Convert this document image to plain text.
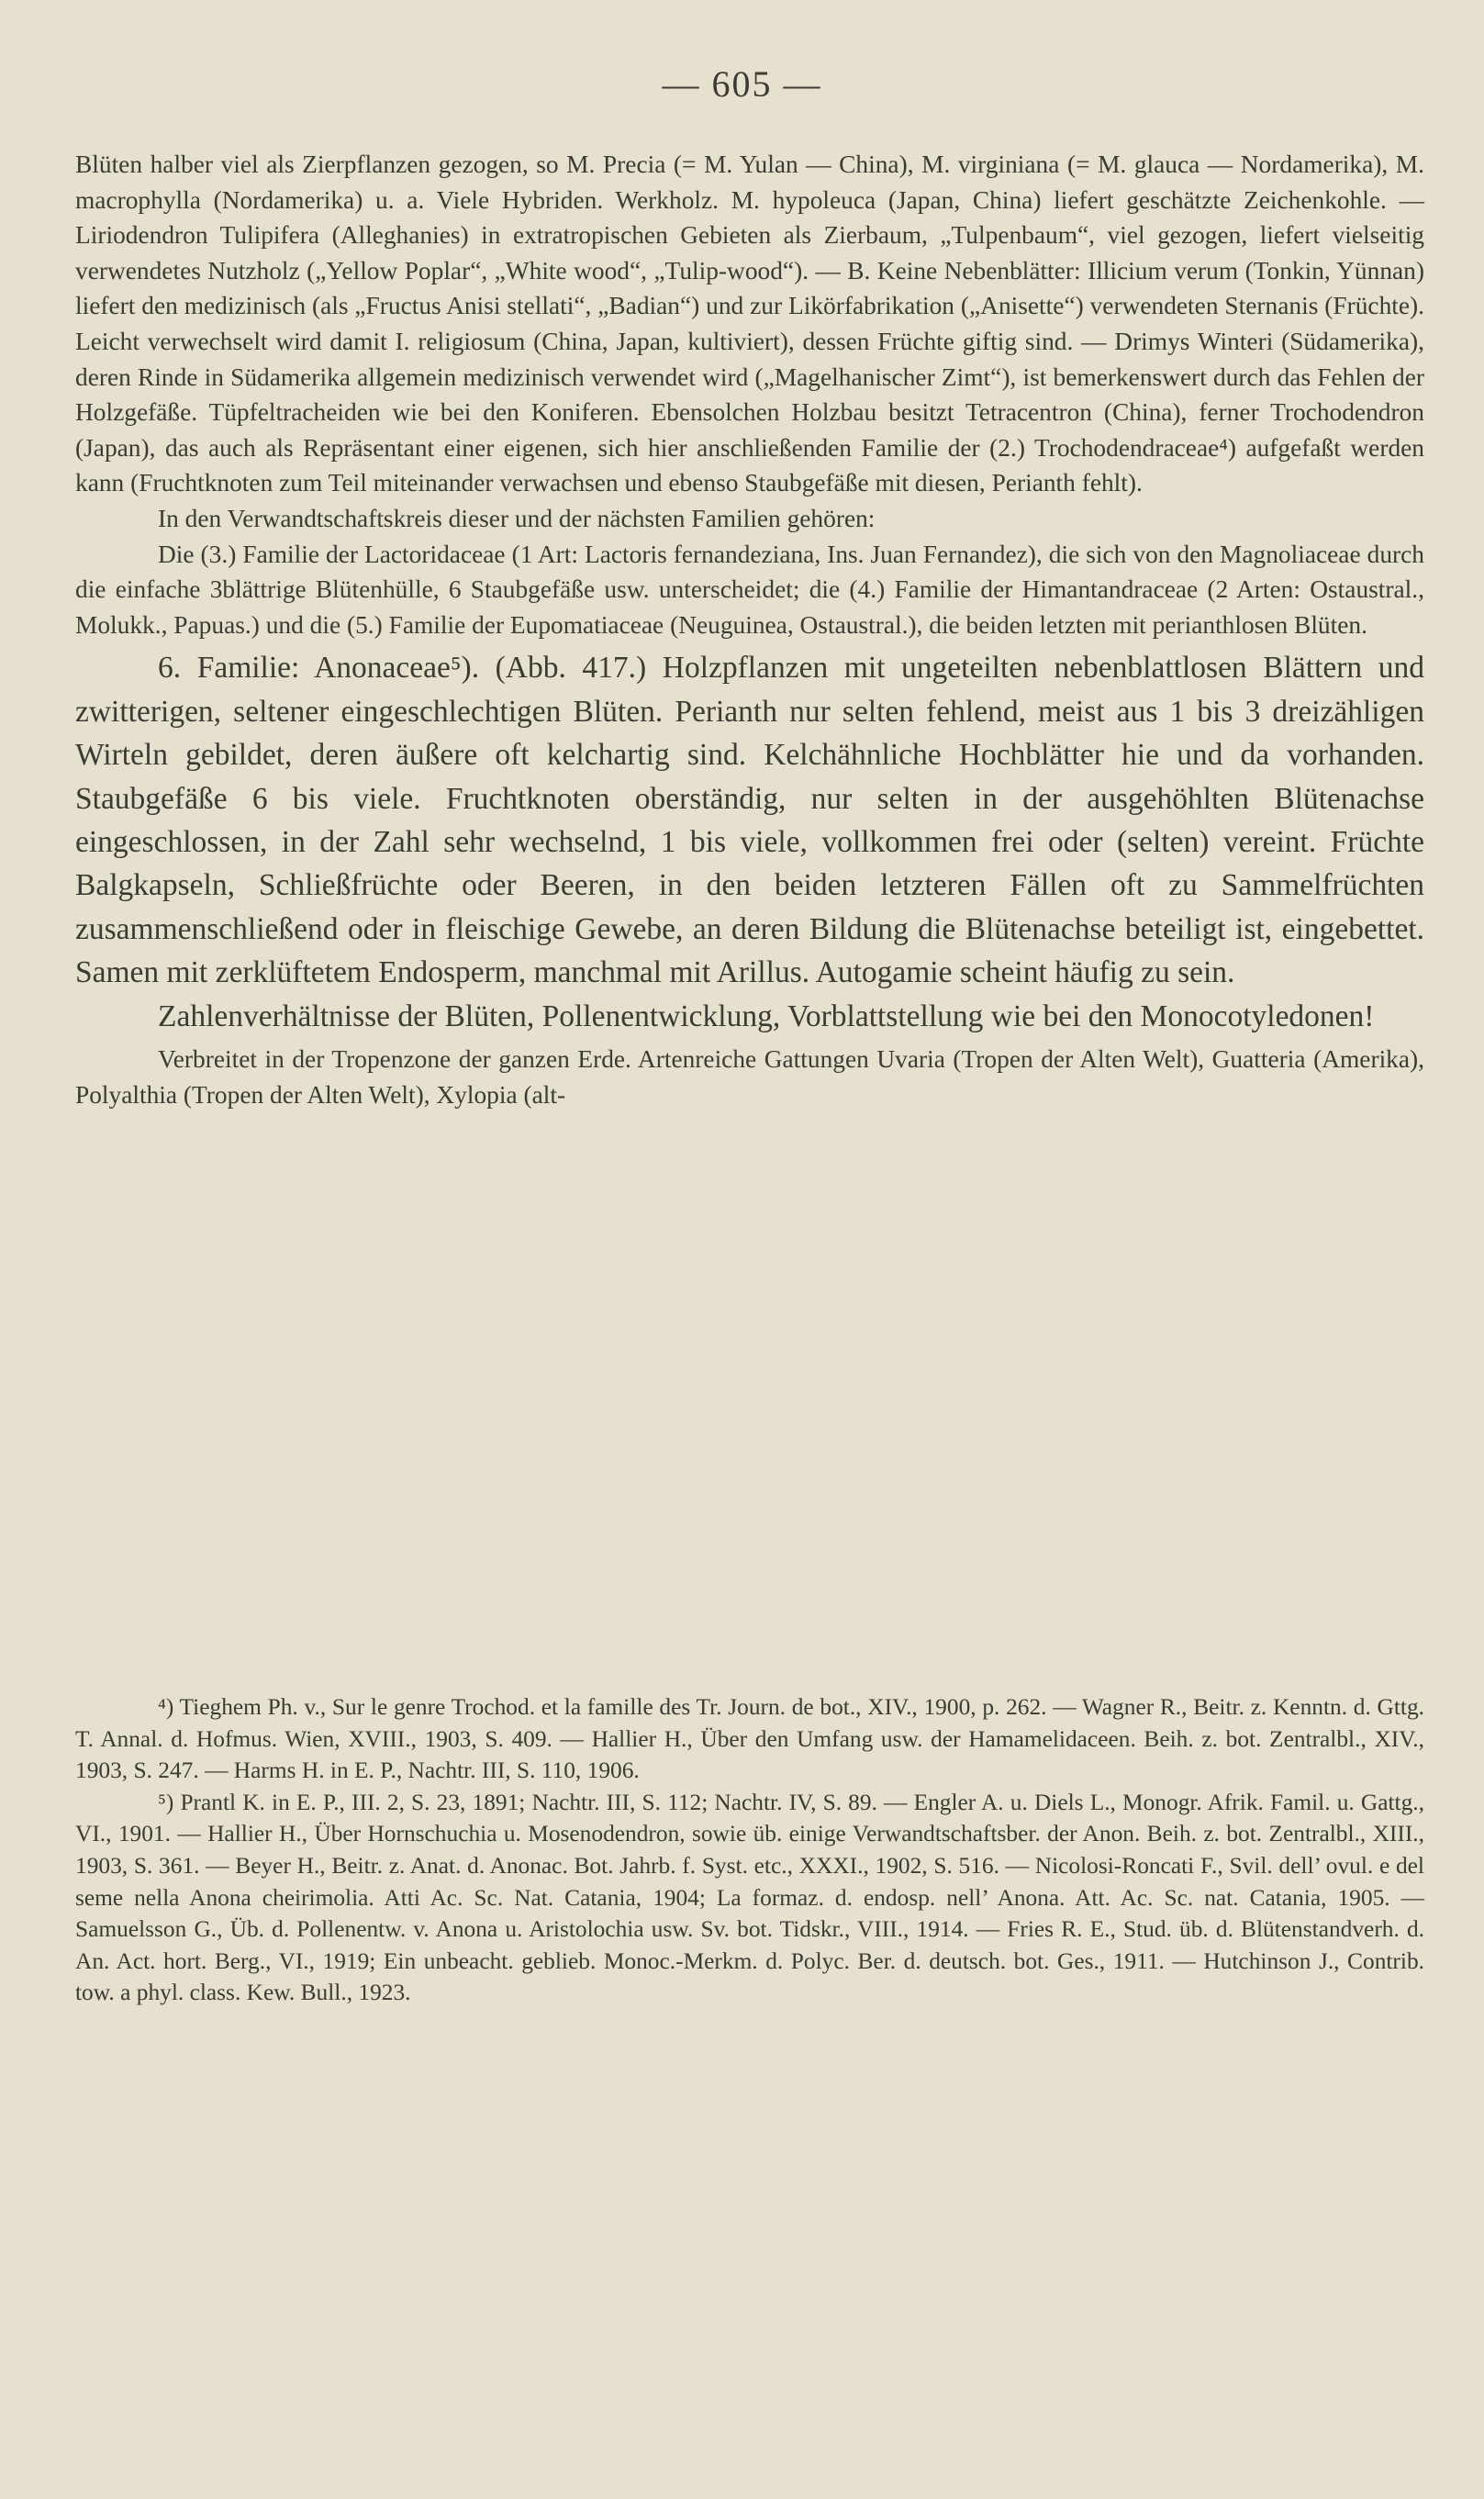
— 605 —

Blüten halber viel als Zierpflanzen gezogen, so M. Precia (= M. Yulan — China), M. virginiana (= M. glauca — Nordamerika), M. macrophylla (Nordamerika) u. a. Viele Hybriden. Werkholz. M. hypoleuca (Japan, China) liefert geschätzte Zeichenkohle. — Liriodendron Tulipifera (Alleghanies) in extratropischen Gebieten als Zierbaum, „Tulpenbaum“, viel gezogen, liefert vielseitig verwendetes Nutzholz („Yellow Poplar“, „White wood“, „Tulip-wood“). — B. Keine Nebenblätter: Illicium verum (Tonkin, Yünnan) liefert den medizinisch (als „Fructus Anisi stellati“, „Badian“) und zur Likörfabrikation („Anisette“) verwendeten Sternanis (Früchte). Leicht verwechselt wird damit I. religiosum (China, Japan, kultiviert), dessen Früchte giftig sind. — Drimys Winteri (Südamerika), deren Rinde in Südamerika allgemein medizinisch verwendet wird („Magelhanischer Zimt“), ist bemerkenswert durch das Fehlen der Holzgefäße. Tüpfeltracheiden wie bei den Koniferen. Ebensolchen Holzbau besitzt Tetracentron (China), ferner Trochodendron (Japan), das auch als Repräsentant einer eigenen, sich hier anschließenden Familie der (2.) Trochodendraceae⁴) aufgefaßt werden kann (Fruchtknoten zum Teil miteinander verwachsen und ebenso Staubgefäße mit diesen, Perianth fehlt).

In den Verwandtschaftskreis dieser und der nächsten Familien gehören:

Die (3.) Familie der Lactoridaceae (1 Art: Lactoris fernandeziana, Ins. Juan Fernandez), die sich von den Magnoliaceae durch die einfache 3blättrige Blütenhülle, 6 Staubgefäße usw. unterscheidet; die (4.) Familie der Himantandraceae (2 Arten: Ostaustral., Molukk., Papuas.) und die (5.) Familie der Eupomatiaceae (Neuguinea, Ostaustral.), die beiden letzten mit perianthlosen Blüten.

6. Familie: Anonaceae⁵). (Abb. 417.) Holzpflanzen mit ungeteilten nebenblattlosen Blättern und zwitterigen, seltener eingeschlechtigen Blüten. Perianth nur selten fehlend, meist aus 1 bis 3 dreizähligen Wirteln gebildet, deren äußere oft kelchartig sind. Kelchähnliche Hochblätter hie und da vorhanden. Staubgefäße 6 bis viele. Fruchtknoten oberständig, nur selten in der ausgehöhlten Blütenachse eingeschlossen, in der Zahl sehr wechselnd, 1 bis viele, vollkommen frei oder (selten) vereint. Früchte Balgkapseln, Schließfrüchte oder Beeren, in den beiden letzteren Fällen oft zu Sammelfrüchten zusammenschließend oder in fleischige Gewebe, an deren Bildung die Blütenachse beteiligt ist, eingebettet. Samen mit zerklüftetem Endosperm, manchmal mit Arillus. Autogamie scheint häufig zu sein.

Zahlenverhältnisse der Blüten, Pollenentwicklung, Vorblattstellung wie bei den Monocotyledonen!

Verbreitet in der Tropenzone der ganzen Erde. Artenreiche Gattungen Uvaria (Tropen der Alten Welt), Guatteria (Amerika), Polyalthia (Tropen der Alten Welt), Xylopia (alt-

⁴) Tieghem Ph. v., Sur le genre Trochod. et la famille des Tr. Journ. de bot., XIV., 1900, p. 262. — Wagner R., Beitr. z. Kenntn. d. Gttg. T. Annal. d. Hofmus. Wien, XVIII., 1903, S. 409. — Hallier H., Über den Umfang usw. der Hamamelidaceen. Beih. z. bot. Zentralbl., XIV., 1903, S. 247. — Harms H. in E. P., Nachtr. III, S. 110, 1906.

⁵) Prantl K. in E. P., III. 2, S. 23, 1891; Nachtr. III, S. 112; Nachtr. IV, S. 89. — Engler A. u. Diels L., Monogr. Afrik. Famil. u. Gattg., VI., 1901. — Hallier H., Über Hornschuchia u. Mosenodendron, sowie üb. einige Verwandtschaftsber. der Anon. Beih. z. bot. Zentralbl., XIII., 1903, S. 361. — Beyer H., Beitr. z. Anat. d. Anonac. Bot. Jahrb. f. Syst. etc., XXXI., 1902, S. 516. — Nicolosi-Roncati F., Svil. dell’ ovul. e del seme nella Anona cheirimolia. Atti Ac. Sc. Nat. Catania, 1904; La formaz. d. endosp. nell’ Anona. Att. Ac. Sc. nat. Catania, 1905. — Samuelsson G., Üb. d. Pollenentw. v. Anona u. Aristolochia usw. Sv. bot. Tidskr., VIII., 1914. — Fries R. E., Stud. üb. d. Blütenstandverh. d. An. Act. hort. Berg., VI., 1919; Ein unbeacht. geblieb. Monoc.-Merkm. d. Polyc. Ber. d. deutsch. bot. Ges., 1911. — Hutchinson J., Contrib. tow. a phyl. class. Kew. Bull., 1923.
